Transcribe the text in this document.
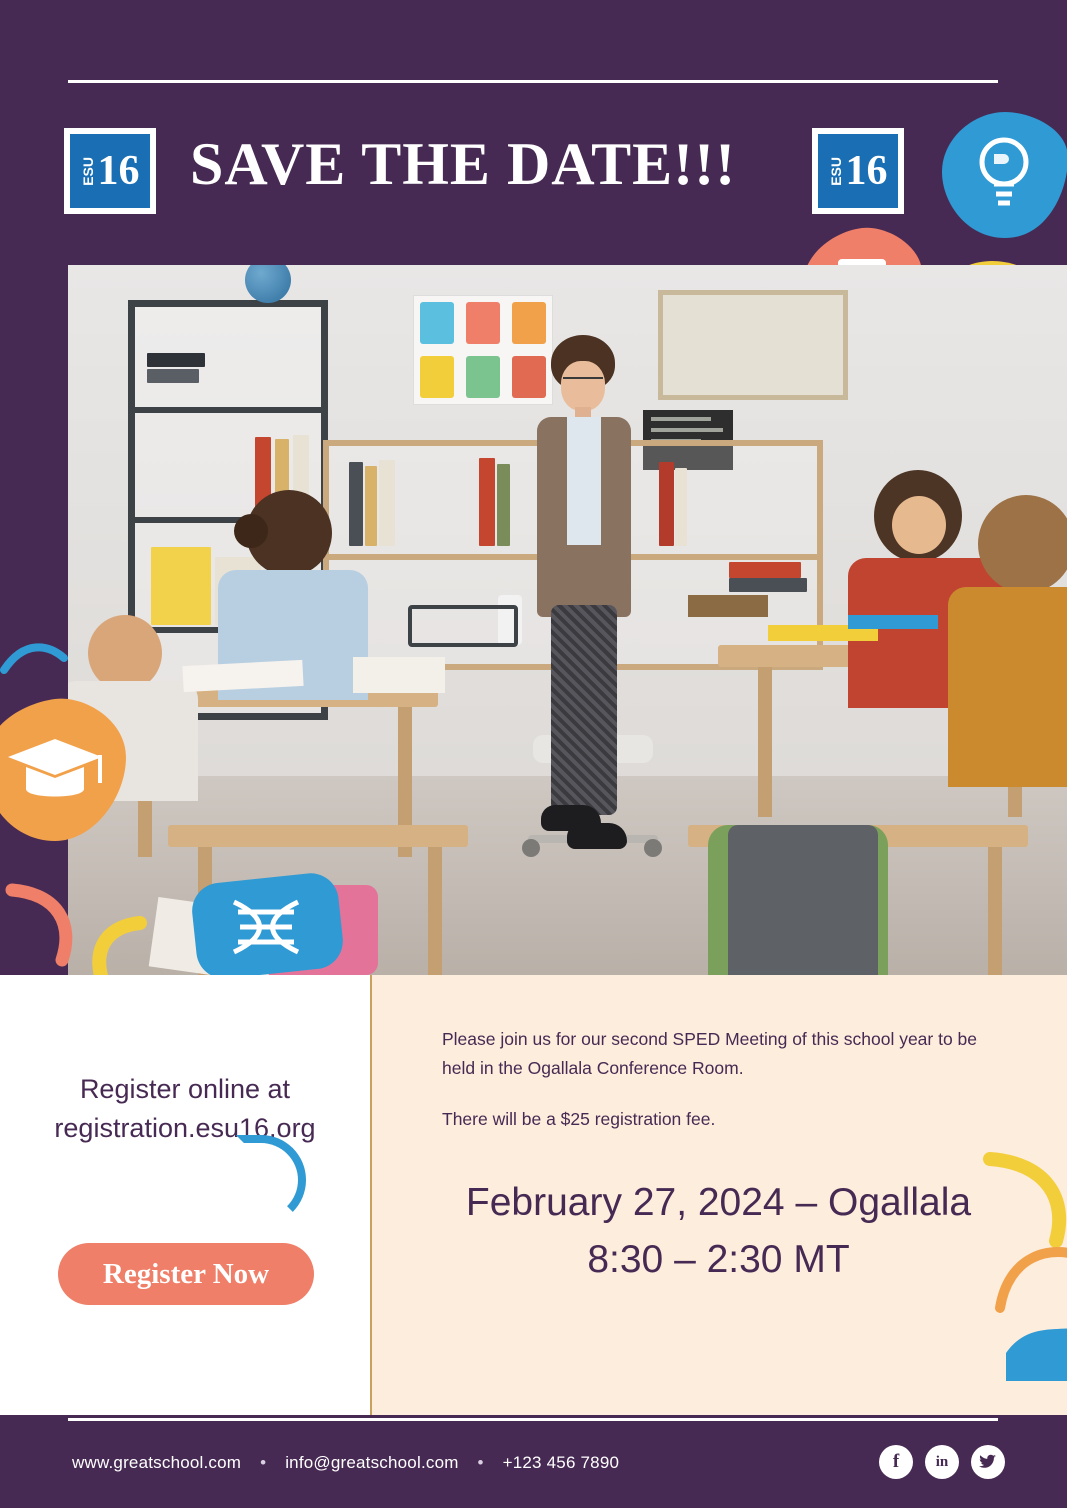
ESU 16 SAVE THE DATE!!!	ESU 16
Register online at
registration.esu16.org
Register Now

Please join us for our second SPED Meeting of this school year to be held in the Ogallala Conference Room.

There will be a $25 registration fee.

February 27, 2024 – Ogallala
8:30 – 2:30 MT
www.greatschool.com • info@greatschool.com • +123 456 7890	f	in
